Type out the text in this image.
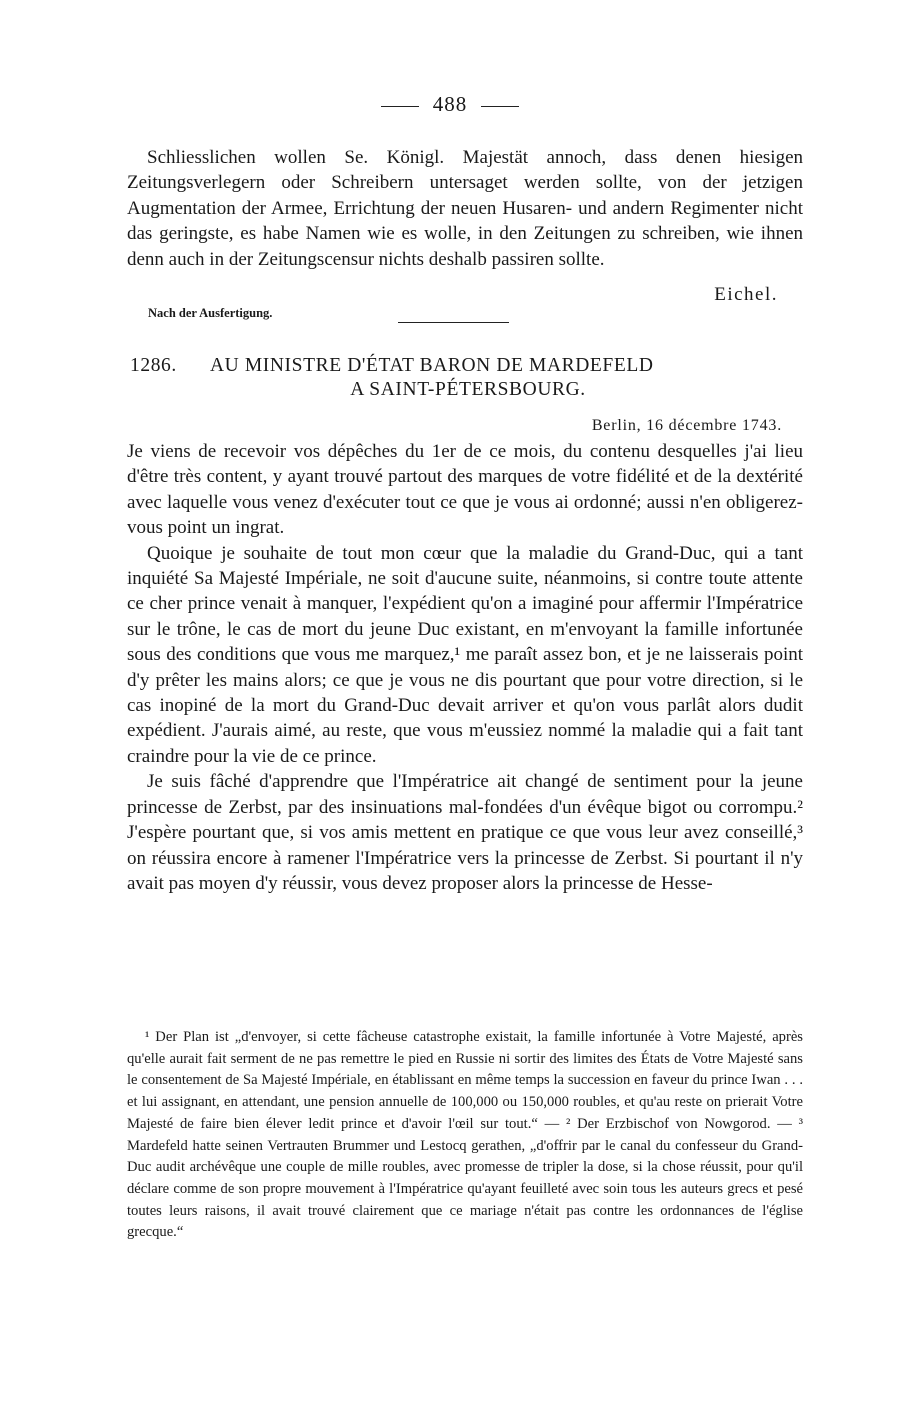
488

Schliesslichen wollen Se. Königl. Majestät annoch, dass denen hiesigen Zeitungsverlegern oder Schreibern untersaget werden sollte, von der jetzigen Augmentation der Armee, Errichtung der neuen Husaren- und andern Regimenter nicht das geringste, es habe Namen wie es wolle, in den Zeitungen zu schreiben, wie ihnen denn auch in der Zeitungscensur nichts deshalb passiren sollte.

Eichel.
Nach der Ausfertigung.
1286. AU MINISTRE D'ÉTAT BARON DE MARDEFELD
A SAINT-PÉTERSBOURG.
Berlin, 16 décembre 1743.

Je viens de recevoir vos dépêches du 1er de ce mois, du contenu desquelles j'ai lieu d'être très content, y ayant trouvé partout des marques de votre fidélité et de la dextérité avec laquelle vous venez d'exécuter tout ce que je vous ai ordonné; aussi n'en obligerez-vous point un ingrat.

Quoique je souhaite de tout mon cœur que la maladie du Grand-Duc, qui a tant inquiété Sa Majesté Impériale, ne soit d'aucune suite, néanmoins, si contre toute attente ce cher prince venait à manquer, l'expédient qu'on a imaginé pour affermir l'Impératrice sur le trône, le cas de mort du jeune Duc existant, en m'envoyant la famille infortunée sous des conditions que vous me marquez,¹ me paraît assez bon, et je ne laisserais point d'y prêter les mains alors; ce que je vous ne dis pourtant que pour votre direction, si le cas inopiné de la mort du Grand-Duc devait arriver et qu'on vous parlât alors dudit expédient. J'aurais aimé, au reste, que vous m'eussiez nommé la maladie qui a fait tant craindre pour la vie de ce prince.

Je suis fâché d'apprendre que l'Impératrice ait changé de sentiment pour la jeune princesse de Zerbst, par des insinuations mal-fondées d'un évêque bigot ou corrompu.² J'espère pourtant que, si vos amis mettent en pratique ce que vous leur avez conseillé,³ on réussira encore à ramener l'Impératrice vers la princesse de Zerbst. Si pourtant il n'y avait pas moyen d'y réussir, vous devez proposer alors la princesse de Hesse-

¹ Der Plan ist „d'envoyer, si cette fâcheuse catastrophe existait, la famille infortunée à Votre Majesté, après qu'elle aurait fait serment de ne pas remettre le pied en Russie ni sortir des limites des États de Votre Majesté sans le consentement de Sa Majesté Impériale, en établissant en même temps la succession en faveur du prince Iwan . . . et lui assignant, en attendant, une pension annuelle de 100,000 ou 150,000 roubles, et qu'au reste on prierait Votre Majesté de faire bien élever ledit prince et d'avoir l'œil sur tout.“ — ² Der Erzbischof von Nowgorod. — ³ Mardefeld hatte seinen Vertrauten Brummer und Lestocq gerathen, „d'offrir par le canal du confesseur du Grand-Duc audit archévêque une couple de mille roubles, avec promesse de tripler la dose, si la chose réussit, pour qu'il déclare comme de son propre mouvement à l'Impératrice qu'ayant feuilleté avec soin tous les auteurs grecs et pesé toutes leurs raisons, il avait trouvé clairement que ce mariage n'était pas contre les ordonnances de l'église grecque.“
